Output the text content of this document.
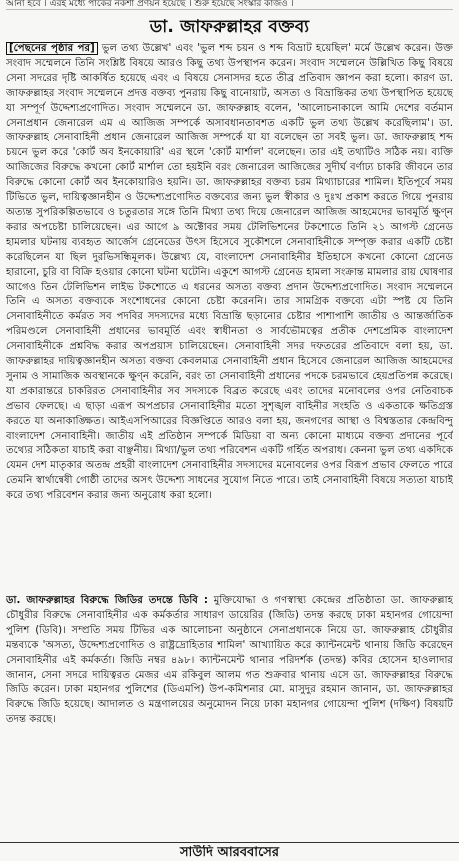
আনা হবে । এরই মধ্যে পাকের নকশা প্রণয়ন হয়েছে । শুরু হয়েছে সংস্কার কাজও ।
ডা. জাফরুল্লাহর বক্তব্য
[পেছনের পৃষ্ঠার পর] ভুল তথ্য উল্লেখ' এবং 'ভুল শব্দ চয়ন ও শব্দ বিভ্রাট হয়েছিল' মর্মে উল্লেখ করেন। উক্ত সংবাদ সম্মেলনে তিনি সংশ্লিষ্ট বিষয়ে আরও কিছু তথ্য উপস্থাপন করেন। সংবাদ সম্মেলনে উল্লিখিত কিছু বিষয়ে সেনা সদরের দৃষ্টি আকর্ষিত হয়েছে এবং এ বিষয়ে সেনাসদর হতে তীব্র প্রতিবাদ জ্ঞাপন করা হলো। কারণ ডা. জাফরুল্লাহর সংবাদ সম্মেলনে প্রদত্ত বক্তব্য পুনরায় কিছু বানোয়াট, অসত্য ও বিভ্রান্তিকর তথ্য উপস্থাপিত হয়েছে যা সম্পূর্ণ উদ্দেশ্যপ্রণোদিত। সংবাদ সম্মেলনে ডা. জাফরুল্লাহ বলেন, 'আলোচনাকালে আমি দেশের বর্তমান সেনাপ্রধান জেনারেল এম এ আজিজ সম্পর্কে অসাবধানতাবশত একটি ভুল তথ্য উল্লেখ করেছিলাম'। ডা. জাফরুল্লাহ সেনাবাহিনী প্রধান জেনারেল আজিজ সম্পর্কে যা যা বলেছেন তা সবই ভুল। ডা. জাফরুল্লাহ শব্দ চয়নে ভুল করে 'কোর্ট অব ইনকোয়ারি' এর স্থলে 'কোর্ট মার্শাল' বলেছেন। তার এই তথ্যটিও সঠিক নয়। ব্যক্তি আজিজের বিরুদ্ধে কখনো কোর্ট মার্শাল তো হয়ইনি বরং জেনারেল আজিজের সুদীর্ঘ বর্ণাঢ্য চাকরি জীবনে তার বিরুদ্ধে কোনো কোর্ট অব ইনকোয়ারিও হয়নি। ডা. জাফরুল্লাহর বক্তব্য চরম মিথ্যাচারের শামিল। ইতিপূর্বে সময় টিভিতে ভুল, দায়িত্বজ্ঞানহীন ও উদ্দেশ্যপ্রণোদিত বক্তব্যের জন্য ভুল স্বীকার ও দুঃখ প্রকাশ করতে গিয়ে পুনরায় অত্যন্ত সুপরিকল্পিতভাবে ও চতুরতার সঙ্গে তিনি মিথ্যা তথ্য দিয়ে জেনারেল আজিজ আহমেদের ভাবমূর্তি ক্ষুণ্ন করার অপচেষ্টা চালিয়েছেন। এর আগে ৯ অক্টোবর সময় টেলিভিশনের টকশোতে তিনি ২১ আগস্ট গ্রেনেড হামলার ঘটনায় ব্যবহৃত আর্জেস গ্রেনেডের উৎস হিসেবে সুকৌশলে সেনাবাহিনীকে সম্পৃক্ত করার একটি চেষ্টা করেছিলেন যা ছিল দুরভিসন্ধিমূলক। উল্লেখ্য যে, বাংলাদেশ সেনাবাহিনীর ইতিহাসে কখনো কোনো গ্রেনেড হারানো, চুরি বা বিক্রি হওয়ার কোনো ঘটনা ঘটেনি। একুশে আগস্ট গ্রেনেড হামলা সংক্রান্ত মামলার রায় ঘোষণার আগেও তিন টেলিভিশন লাইভ টকশোতে এ ধরনের অসত্য বক্তব্য প্রদান উদ্দেশ্যপ্রণোদিত। সংবাদ সম্মেলনে তিনি এ অসত্য বক্তব্যকে সংশোধনের কোনো চেষ্টা করেননি। তার সামগ্রিক বক্তব্যে এটা স্পষ্ট যে তিনি সেনাবাহিনীতে কর্মরত সব পদবির সদস্যদের মধ্যে বিভ্রান্তি ছড়ানোর চেষ্টার পাশাপাশি জাতীয় ও আন্তর্জাতিক পরিমণ্ডলে সেনাবাহিনী প্রধানের ভাবমূর্তি এবং স্বাধীনতা ও সার্বভৌমত্বের প্রতীক দেশপ্রেমিক বাংলাদেশ সেনাবাহিনীকে প্রশ্নবিদ্ধ করার অপপ্রয়াস চালিয়েছেন। সেনাবাহিনী সদর দফতরের প্রতিবাদে বলা হয়, ডা. জাফরুল্লাহর দায়িত্বজ্ঞানহীন অসত্য বক্তব্য কেবলমাত্র সেনাবাহিনী প্রধান হিসেবে জেনারেল আজিজ আহমেদের সুনাম ও সামাজিক অবস্থানকে ক্ষুণ্ন করেনি, বরং তা সেনাবাহিনী প্রধানের পদকে চরমভাবে হেয়প্রতিপন্ন করেছে। যা প্রকারান্তরে চাকরিরত সেনাবাহিনীর সব সদস্যকে বিব্রত করেছে এবং তাদের মনোবলের ওপর নেতিবাচক প্রভাব ফেলছে। এ ছাড়া এরূপ অপপ্রচার সেনাবাহিনীর মতো সুশৃঙ্খল বাহিনীর সংহতি ও একতাকে ক্ষতিগ্রস্ত করতে যা অনাকাঙ্ক্ষিত। আইএসপিআরের বিজ্ঞপ্তিতে আরও বলা হয়, জনগণের আস্থা ও বিশ্বস্ততার কেন্দ্রবিন্দু বাংলাদেশ সেনাবাহিনী। জাতীয় এই প্রতিষ্ঠান সম্পর্কে মিডিয়া বা অন্য কোনো মাধ্যমে বক্তব্য প্রদানের পূর্বে তথ্যের সঠিকতা যাচাই করা বাঞ্ছনীয়। মিথ্যা/ভুল তথ্য পরিবেশন একটি গর্হিত অপরাধ। কেননা ভুল তথ্য একদিকে যেমন দেশ মাতৃকার অতন্দ্র প্রহরী বাংলাদেশ সেনাবাহিনীর সদস্যদের মনোবলের ওপর বিরূপ প্রভাব ফেলতে পারে তেমনি স্বার্থান্বেষী গোষ্ঠী তাদের অসৎ উদ্দেশ্য সাধনের সুযোগ নিতে পারে। তাই সেনাবাহিনী বিষয়ে সত্যতা যাচাই করে তথ্য পরিবেশন করার জন্য অনুরোধ করা হলো।
ডা. জাফরুল্লাহর বিরুদ্ধে জিডির তদন্তে ডিবি : মুক্তিযোদ্ধা ও গণস্বাস্থ্য কেন্দ্রের প্রতিষ্ঠাতা ডা. জাফরুল্লাহ চৌধুরীর বিরুদ্ধে সেনাবাহিনীর এক কর্মকর্তার সাধারণ ডায়েরির (জিডি) তদন্ত করছে ঢাকা মহানগর গোয়েন্দা পুলিশ (ডিবি)। সম্প্রতি সময় টিভির এক আলোচনা অনুষ্ঠানে সেনাপ্রধানকে নিয়ে ডা. জাফরুল্লাহ চৌধুরীর মন্তব্যকে 'অসত্য, উদ্দেশ্যপ্রণোদিত ও রাষ্ট্রদ্রোহিতার শামিল' আখ্যায়িত করে ক্যান্টনমেন্ট থানায় জিডি করেছেন সেনাবাহিনীর এই কর্মকর্তা। জিডি নম্বর ৪৯৮। ক্যান্টনমেন্ট থানার পরিদর্শক (তদন্ত) কবির হোসেন হাওলাদার জানান, সেনা সদরে দায়িত্বরত মেজর এম রকিবুল আলম গত শুক্রবার থানায় এসে ডা. জাফরুল্লাহর বিরুদ্ধে জিডি করেন। ঢাকা মহানগর পুলিশের (ডিএমপি) উপ-কমিশনার মো. মাসুদুর রহমান জানান, ডা. জাফরুল্লাহর বিরুদ্ধে জিডি হয়েছে। আদালত ও মন্ত্রণালয়ের অনুমোদন নিয়ে ঢাকা মহানগর গোয়েন্দা পুলিশ (দক্ষিণ) বিষয়টি তদন্ত করছে।
সাউদি আরববাসের
